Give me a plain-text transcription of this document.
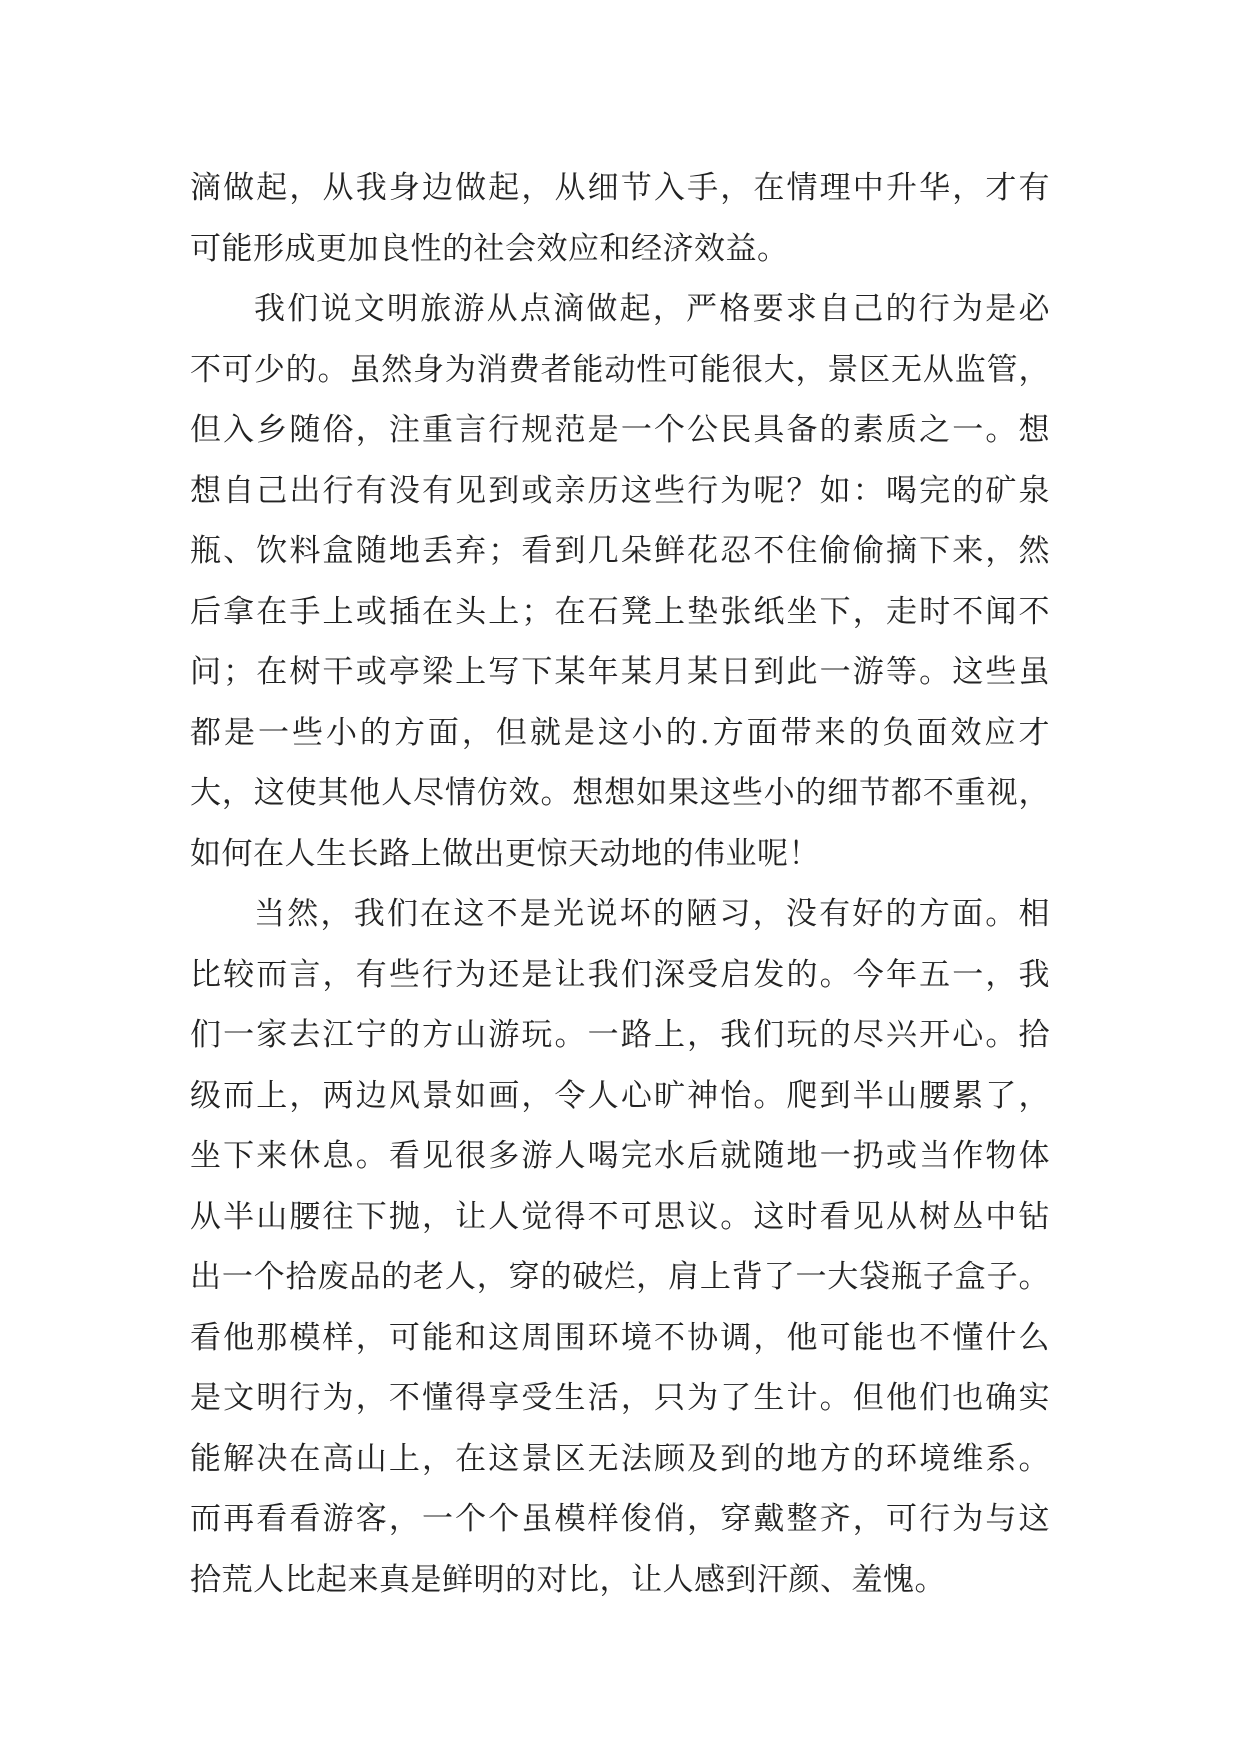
滴做起，从我身边做起，从细节入手，在情理中升华，才有
可能形成更加良性的社会效应和经济效益。
我们说文明旅游从点滴做起，严格要求自己的行为是必
不可少的。虽然身为消费者能动性可能很大，景区无从监管，
但入乡随俗，注重言行规范是一个公民具备的素质之一。想
想自己出行有没有见到或亲历这些行为呢？如：喝完的矿泉
瓶、饮料盒随地丢弃；看到几朵鲜花忍不住偷偷摘下来，然
后拿在手上或插在头上；在石凳上垫张纸坐下，走时不闻不
问；在树干或亭梁上写下某年某月某日到此一游等。这些虽
都是一些小的方面，但就是这小的.方面带来的负面效应才
大，这使其他人尽情仿效。想想如果这些小的细节都不重视，
如何在人生长路上做出更惊天动地的伟业呢！
当然，我们在这不是光说坏的陋习，没有好的方面。相
比较而言，有些行为还是让我们深受启发的。今年五一，我
们一家去江宁的方山游玩。一路上，我们玩的尽兴开心。拾
级而上，两边风景如画，令人心旷神怡。爬到半山腰累了，
坐下来休息。看见很多游人喝完水后就随地一扔或当作物体
从半山腰往下抛，让人觉得不可思议。这时看见从树丛中钻
出一个拾废品的老人，穿的破烂，肩上背了一大袋瓶子盒子。
看他那模样，可能和这周围环境不协调，他可能也不懂什么
是文明行为，不懂得享受生活，只为了生计。但他们也确实
能解决在高山上，在这景区无法顾及到的地方的环境维系。
而再看看游客，一个个虽模样俊俏，穿戴整齐，可行为与这
拾荒人比起来真是鲜明的对比，让人感到汗颜、羞愧。
